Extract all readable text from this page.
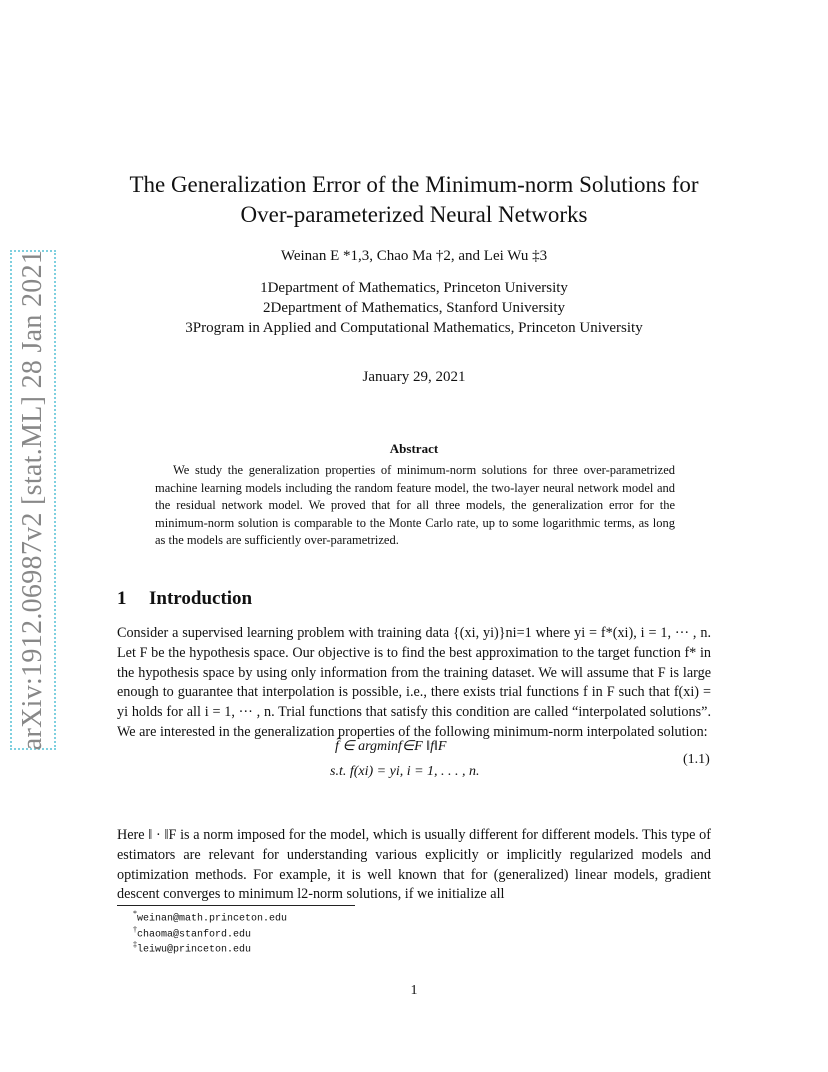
arXiv:1912.06987v2 [stat.ML] 28 Jan 2021
The Generalization Error of the Minimum-norm Solutions for
Over-parameterized Neural Networks
Weinan E *1,3, Chao Ma †2, and Lei Wu ‡3
1Department of Mathematics, Princeton University
2Department of Mathematics, Stanford University
3Program in Applied and Computational Mathematics, Princeton University
January 29, 2021
Abstract
We study the generalization properties of minimum-norm solutions for three over-parametrized machine learning models including the random feature model, the two-layer neural network model and the residual network model. We proved that for all three models, the generalization error for the minimum-norm solution is comparable to the Monte Carlo rate, up to some logarithmic terms, as long as the models are sufficiently over-parametrized.
1 Introduction
Consider a supervised learning problem with training data {(xi, yi)}ni=1 where yi = f*(xi), i = 1, ··· , n. Let F be the hypothesis space. Our objective is to find the best approximation to the target function f* in the hypothesis space by using only information from the training dataset. We will assume that F is large enough to guarantee that interpolation is possible, i.e., there exists trial functions f in F such that f(xi) = yi holds for all i = 1, ··· , n. Trial functions that satisfy this condition are called “interpolated solutions”. We are interested in the generalization properties of the following minimum-norm interpolated solution:
f̂ ∈ argminf∈F ‖f‖F
s.t. f(xi) = yi, i = 1, . . . , n.
(1.1)
Here ‖ · ‖F is a norm imposed for the model, which is usually different for different models. This type of estimators are relevant for understanding various explicitly or implicitly regularized models and optimization methods. For example, it is well known that for (generalized) linear models, gradient descent converges to minimum l2-norm solutions, if we initialize all
*weinan@math.princeton.edu
†chaoma@stanford.edu
‡leiwu@princeton.edu
1
